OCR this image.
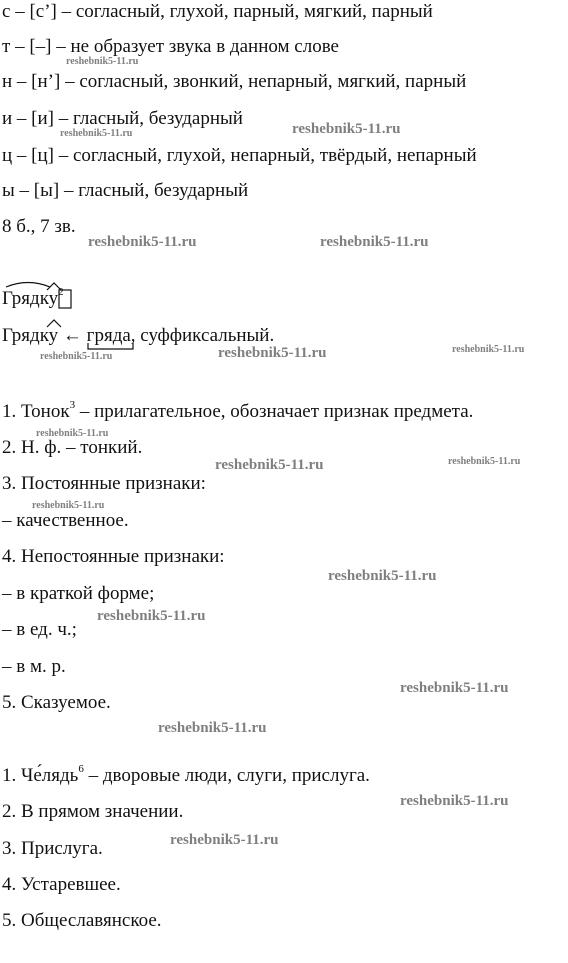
с – [с’] – согласный, глухой, парный, мягкий, парный
т – [–] – не образует звука в данном слове
н – [н’] – согласный, звонкий, непарный, мягкий, парный
и – [и] – гласный, безударный
ц – [ц] – согласный, глухой, непарный, твёрдый, непарный
ы – [ы] – гласный, безударный
8 б., 7 зв.
Грядку
$^2$
Грядку ← гряда
, суффиксальный.
1. Тонок$^3$ – прилагательное, обозначает признак предмета.
2. Н. ф. – тонкий.
3. Постоянные признаки:
– качественное.
4. Непостоянные признаки:
– в краткой форме;
– в ед. ч.;
– в м. р.
5. Сказуемое.
1. Че́лядь$^6$ – дворовые люди, слуги, прислуга.
2. В прямом значении.
3. Прислуга.
4. Устаревшее.
5. Общеславянское.
reshebnik5-11.ru
reshebnik5-11.ru	reshebnik5-11.ru
reshebnik5-11.ru	reshebnik5-11.ru
reshebnik5-11.ru	reshebnik5-11.ru	reshebnik5-11.ru
reshebnik5-11.ru
reshebnik5-11.ru	reshebnik5-11.ru
reshebnik5-11.ru
reshebnik5-11.ru
reshebnik5-11.ru
reshebnik5-11.ru
reshebnik5-11.ru
reshebnik5-11.ru
reshebnik5-11.ru
